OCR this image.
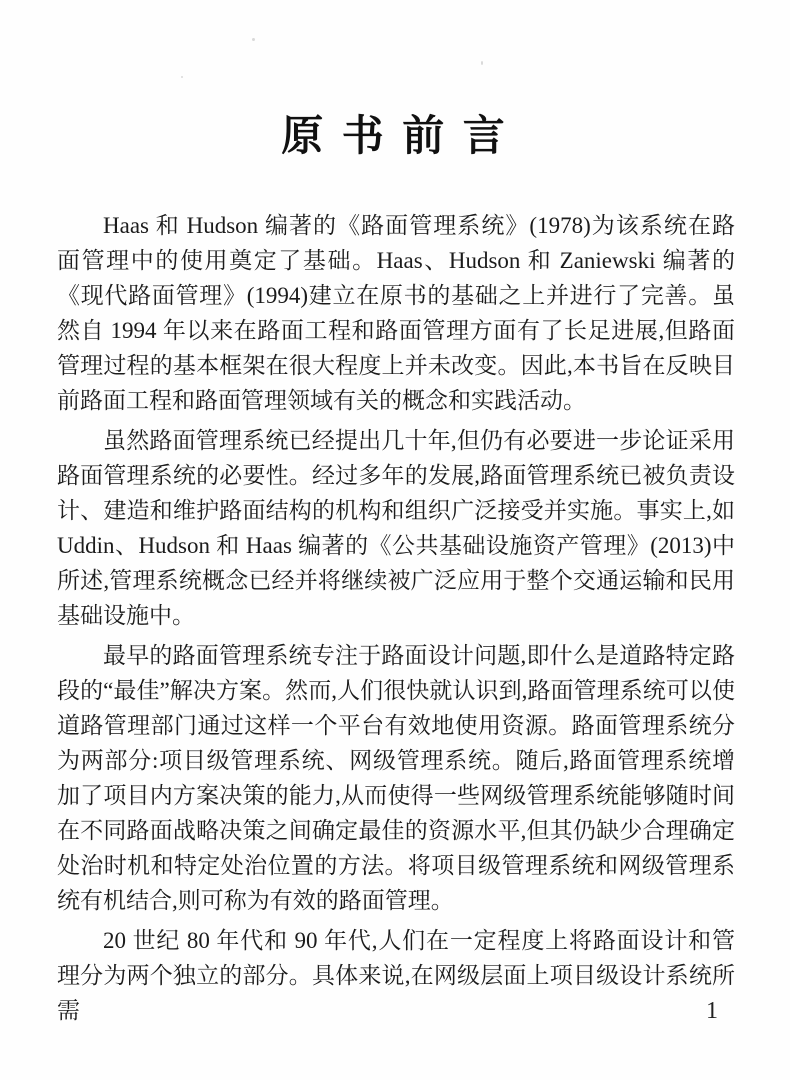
原 书 前 言

Haas 和 Hudson 编著的《路面管理系统》(1978)为该系统在路面管理中的使用奠定了基础。Haas、Hudson 和 Zaniewski 编著的《现代路面管理》(1994)建立在原书的基础之上并进行了完善。虽然自 1994 年以来在路面工程和路面管理方面有了长足进展,但路面管理过程的基本框架在很大程度上并未改变。因此,本书旨在反映目前路面工程和路面管理领域有关的概念和实践活动。

虽然路面管理系统已经提出几十年,但仍有必要进一步论证采用路面管理系统的必要性。经过多年的发展,路面管理系统已被负责设计、建造和维护路面结构的机构和组织广泛接受并实施。事实上,如 Uddin、Hudson 和 Haas 编著的《公共基础设施资产管理》(2013)中所述,管理系统概念已经并将继续被广泛应用于整个交通运输和民用基础设施中。

最早的路面管理系统专注于路面设计问题,即什么是道路特定路段的“最佳”解决方案。然而,人们很快就认识到,路面管理系统可以使道路管理部门通过这样一个平台有效地使用资源。路面管理系统分为两部分:项目级管理系统、网级管理系统。随后,路面管理系统增加了项目内方案决策的能力,从而使得一些网级管理系统能够随时间在不同路面战略决策之间确定最佳的资源水平,但其仍缺少合理确定处治时机和特定处治位置的方法。将项目级管理系统和网级管理系统有机结合,则可称为有效的路面管理。

20 世纪 80 年代和 90 年代,人们在一定程度上将路面设计和管理分为两个独立的部分。具体来说,在网级层面上项目级设计系统所需	1
